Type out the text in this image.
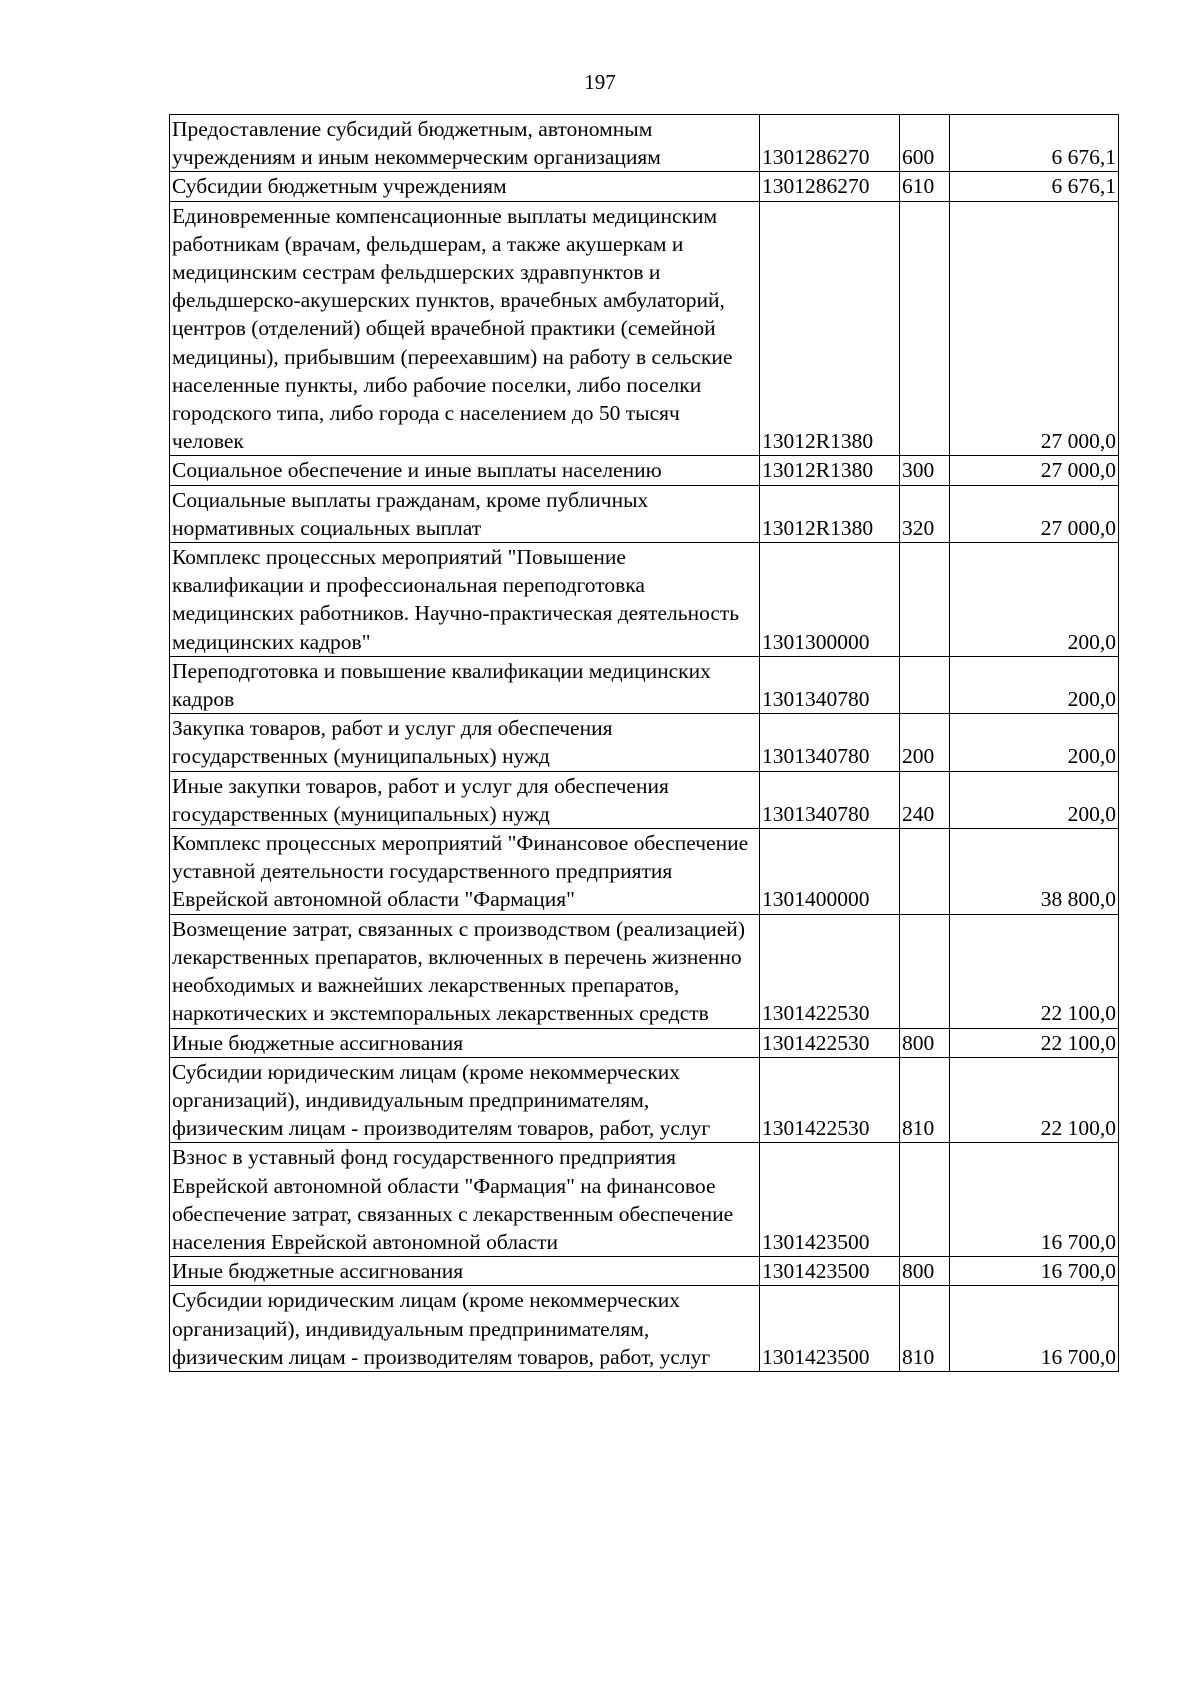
197
Предоставление субсидий бюджетным, автономным учреждениям и иным некоммерческим организациям	1301286270	600	6 676,1
Субсидии бюджетным учреждениям	1301286270	610	6 676,1
Единовременные компенсационные выплаты медицинским работникам (врачам, фельдшерам, а также акушеркам и медицинским сестрам фельдшерских здравпунктов и фельдшерско-акушерских пунктов, врачебных амбулаторий, центров (отделений) общей врачебной практики (семейной медицины), прибывшим (переехавшим) на работу в сельские населенные пункты, либо рабочие поселки, либо поселки городского типа, либо города с населением до 50 тысяч человек	13012R1380		27 000,0
Социальное обеспечение и иные выплаты населению	13012R1380	300	27 000,0
Социальные выплаты гражданам, кроме публичных нормативных социальных выплат	13012R1380	320	27 000,0
Комплекс процессных мероприятий "Повышение квалификации и профессиональная переподготовка медицинских работников. Научно-практическая деятельность медицинских кадров"	1301300000		200,0
Переподготовка и повышение квалификации медицинских кадров	1301340780		200,0
Закупка товаров, работ и услуг для обеспечения государственных (муниципальных) нужд	1301340780	200	200,0
Иные закупки товаров, работ и услуг для обеспечения государственных (муниципальных) нужд	1301340780	240	200,0
Комплекс процессных мероприятий "Финансовое обеспечение уставной деятельности государственного предприятия Еврейской автономной области "Фармация"	1301400000		38 800,0
Возмещение затрат, связанных с производством (реализацией) лекарственных препаратов, включенных в перечень жизненно необходимых и важнейших лекарственных препаратов, наркотических и экстемпоральных лекарственных средств	1301422530		22 100,0
Иные бюджетные ассигнования	1301422530	800	22 100,0
Субсидии юридическим лицам (кроме некоммерческих организаций), индивидуальным предпринимателям, физическим лицам - производителям товаров, работ, услуг	1301422530	810	22 100,0
Взнос в уставный фонд государственного предприятия Еврейской автономной области "Фармация" на финансовое обеспечение затрат, связанных с лекарственным обеспечение населения Еврейской автономной области	1301423500		16 700,0
Иные бюджетные ассигнования	1301423500	800	16 700,0
Субсидии юридическим лицам (кроме некоммерческих организаций), индивидуальным предпринимателям, физическим лицам - производителям товаров, работ, услуг	1301423500	810	16 700,0
